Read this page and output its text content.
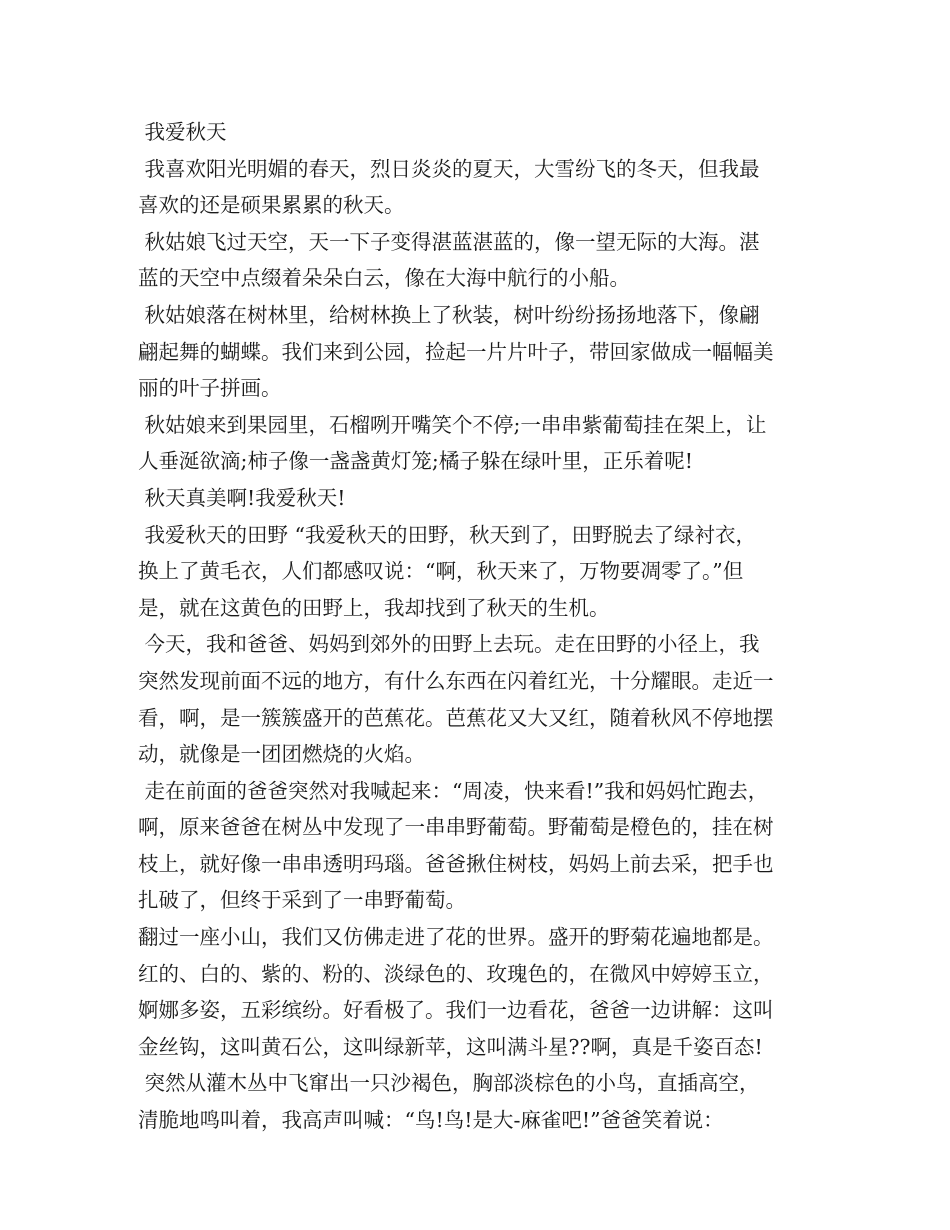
我爱秋天
我喜欢阳光明媚的春天，烈日炎炎的夏天，大雪纷飞的冬天，但我最
喜欢的还是硕果累累的秋天。
秋姑娘飞过天空，天一下子变得湛蓝湛蓝的，像一望无际的大海。湛
蓝的天空中点缀着朵朵白云，像在大海中航行的小船。
秋姑娘落在树林里，给树林换上了秋装，树叶纷纷扬扬地落下，像翩
翩起舞的蝴蝶。我们来到公园，捡起一片片叶子，带回家做成一幅幅美
丽的叶子拼画。
秋姑娘来到果园里，石榴咧开嘴笑个不停;一串串紫葡萄挂在架上，让
人垂涎欲滴;柿子像一盏盏黄灯笼;橘子躲在绿叶里，正乐着呢!
秋天真美啊!我爱秋天!
我爱秋天的田野 “我爱秋天的田野，秋天到了，田野脱去了绿衬衣，
换上了黄毛衣，人们都感叹说：“啊，秋天来了，万物要凋零了。”但
是，就在这黄色的田野上，我却找到了秋天的生机。
今天，我和爸爸、妈妈到郊外的田野上去玩。走在田野的小径上，我
突然发现前面不远的地方，有什么东西在闪着红光，十分耀眼。走近一
看，啊，是一簇簇盛开的芭蕉花。芭蕉花又大又红，随着秋风不停地摆
动，就像是一团团燃烧的火焰。
走在前面的爸爸突然对我喊起来：“周凌，快来看!”我和妈妈忙跑去，
啊，原来爸爸在树丛中发现了一串串野葡萄。野葡萄是橙色的，挂在树
枝上，就好像一串串透明玛瑙。爸爸揪住树枝，妈妈上前去采，把手也
扎破了，但终于采到了一串野葡萄。
翻过一座小山，我们又仿佛走进了花的世界。盛开的野菊花遍地都是。
红的、白的、紫的、粉的、淡绿色的、玫瑰色的，在微风中婷婷玉立，
婀娜多姿，五彩缤纷。好看极了。我们一边看花，爸爸一边讲解：这叫
金丝钩，这叫黄石公，这叫绿新苹，这叫满斗星??啊，真是千姿百态!
突然从灌木丛中飞窜出一只沙褐色，胸部淡棕色的小鸟，直插高空，
清脆地鸣叫着，我高声叫喊：“鸟!鸟!是大-麻雀吧!”爸爸笑着说：
